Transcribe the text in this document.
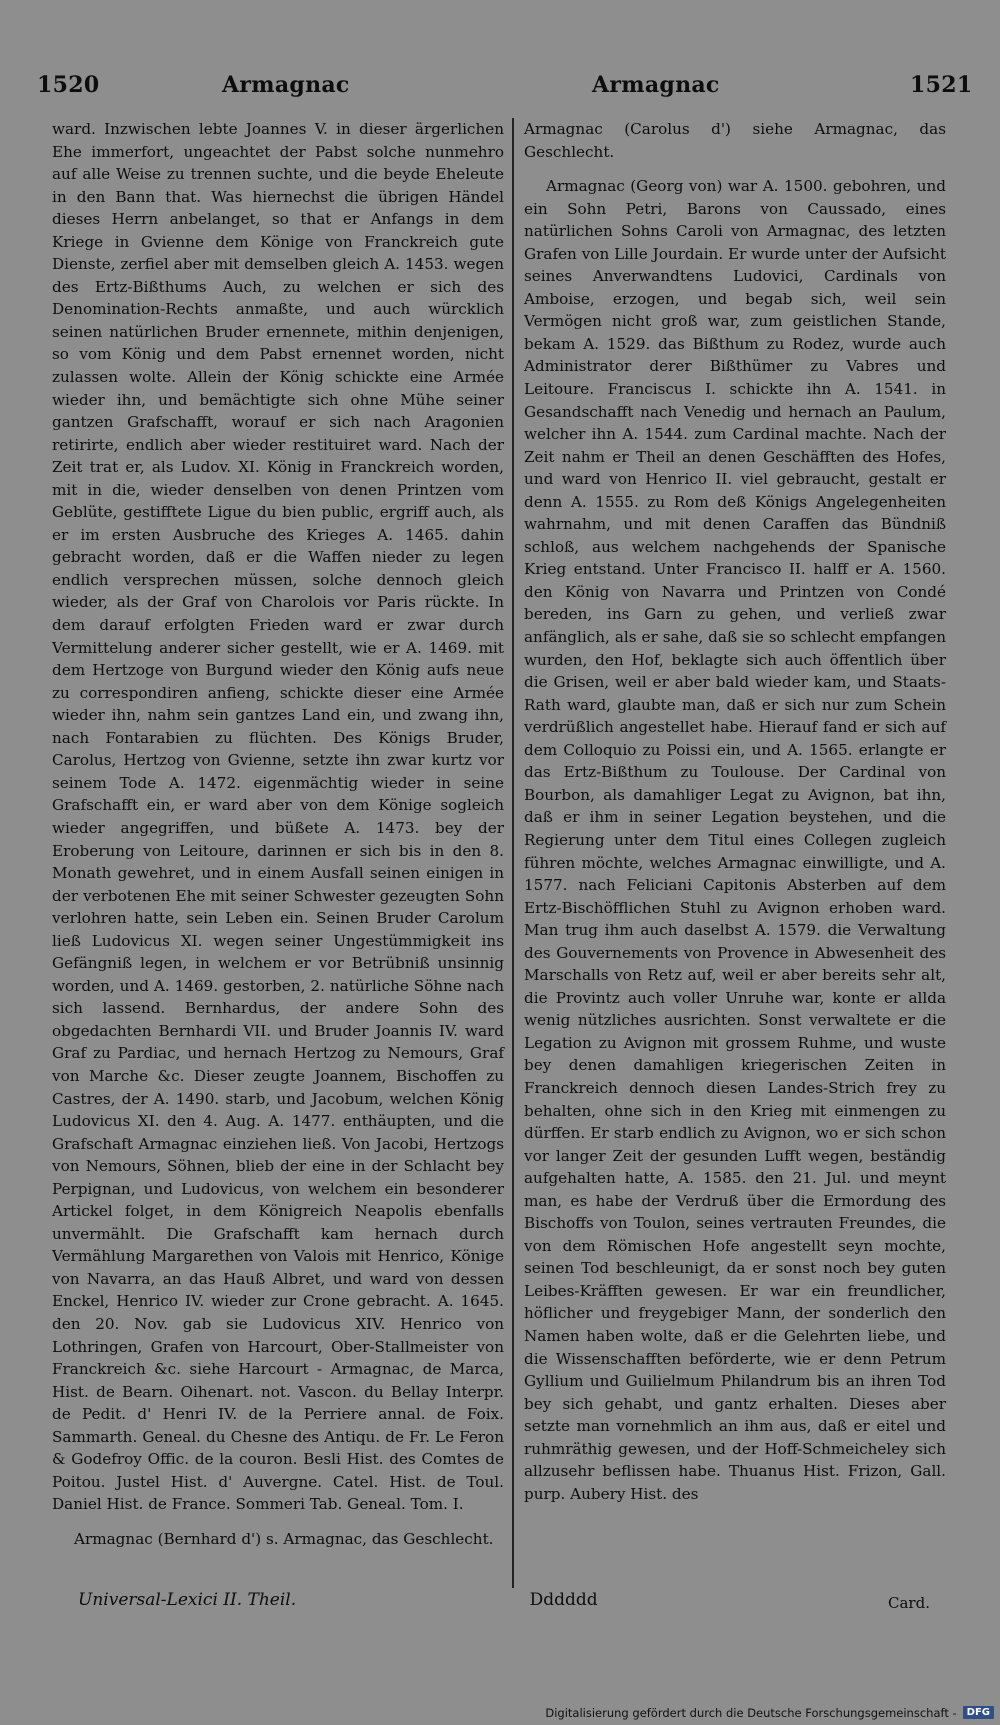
1520	Armagnac	Armagnac	1521

ward. Inzwischen lebte Joannes V. in dieser ärgerlichen Ehe immerfort, ungeachtet der Pabst solche nunmehro auf alle Weise zu trennen suchte, und die beyde Eheleute in den Bann that. Was hiernechst die übrigen Händel dieses Herrn anbelanget, so that er Anfangs in dem Kriege in Gvienne dem Könige von Franckreich gute Dienste, zerfiel aber mit demselben gleich A. 1453. wegen des Ertz-Bißthums Auch, zu welchen er sich des Denomination-Rechts anmaßte, und auch würcklich seinen natürlichen Bruder ernennete, mithin denjenigen, so vom König und dem Pabst ernennet worden, nicht zulassen wolte. Allein der König schickte eine Armée wieder ihn, und bemächtigte sich ohne Mühe seiner gantzen Grafschafft, worauf er sich nach Aragonien retirirte, endlich aber wieder restituiret ward. Nach der Zeit trat er, als Ludov. XI. König in Franckreich worden, mit in die, wieder denselben von denen Printzen vom Geblüte, gestifftete Ligue du bien public, ergriff auch, als er im ersten Ausbruche des Krieges A. 1465. dahin gebracht worden, daß er die Waffen nieder zu legen endlich versprechen müssen, solche dennoch gleich wieder, als der Graf von Charolois vor Paris rückte. In dem darauf erfolgten Frieden ward er zwar durch Vermittelung anderer sicher gestellt, wie er A. 1469. mit dem Hertzoge von Burgund wieder den König aufs neue zu correspondiren anfieng, schickte dieser eine Armée wieder ihn, nahm sein gantzes Land ein, und zwang ihn, nach Fontarabien zu flüchten. Des Königs Bruder, Carolus, Hertzog von Gvienne, setzte ihn zwar kurtz vor seinem Tode A. 1472. eigenmächtig wieder in seine Grafschafft ein, er ward aber von dem Könige sogleich wieder angegriffen, und büßete A. 1473. bey der Eroberung von Leitoure, darinnen er sich bis in den 8. Monath gewehret, und in einem Ausfall seinen einigen in der verbotenen Ehe mit seiner Schwester gezeugten Sohn verlohren hatte, sein Leben ein. Seinen Bruder Carolum ließ Ludovicus XI. wegen seiner Ungestümmigkeit ins Gefängniß legen, in welchem er vor Betrübniß unsinnig worden, und A. 1469. gestorben, 2. natürliche Söhne nach sich lassend. Bernhardus, der andere Sohn des obgedachten Bernhardi VII. und Bruder Joannis IV. ward Graf zu Pardiac, und hernach Hertzog zu Nemours, Graf von Marche &c. Dieser zeugte Joannem, Bischoffen zu Castres, der A. 1490. starb, und Jacobum, welchen König Ludovicus XI. den 4. Aug. A. 1477. enthäupten, und die Grafschaft Armagnac einziehen ließ. Von Jacobi, Hertzogs von Nemours, Söhnen, blieb der eine in der Schlacht bey Perpignan, und Ludovicus, von welchem ein besonderer Artickel folget, in dem Königreich Neapolis ebenfalls unvermählt. Die Grafschafft kam hernach durch Vermählung Margarethen von Valois mit Henrico, Könige von Navarra, an das Hauß Albret, und ward von dessen Enckel, Henrico IV. wieder zur Crone gebracht. A. 1645. den 20. Nov. gab sie Ludovicus XIV. Henrico von Lothringen, Grafen von Harcourt, Ober-Stallmeister von Franckreich &c. siehe Harcourt - Armagnac, de Marca, Hist. de Bearn. Oihenart. not. Vascon. du Bellay Interpr. de Pedit. d' Henri IV. de la Perriere annal. de Foix. Sammarth. Geneal. du Chesne des Antiqu. de Fr. Le Feron & Godefroy Offic. de la couron. Besli Hist. des Comtes de Poitou. Justel Hist. d' Auvergne. Catel. Hist. de Toul. Daniel Hist. de France. Sommeri Tab. Geneal. Tom. I.

Armagnac (Bernhard d') s. Armagnac, das Geschlecht.

Armagnac (Carolus d') siehe Armagnac, das Geschlecht.

Armagnac (Georg von) war A. 1500. gebohren, und ein Sohn Petri, Barons von Caussado, eines natürlichen Sohns Caroli von Armagnac, des letzten Grafen von Lille Jourdain. Er wurde unter der Aufsicht seines Anverwandtens Ludovici, Cardinals von Amboise, erzogen, und begab sich, weil sein Vermögen nicht groß war, zum geistlichen Stande, bekam A. 1529. das Bißthum zu Rodez, wurde auch Administrator derer Bißthümer zu Vabres und Leitoure. Franciscus I. schickte ihn A. 1541. in Gesandschafft nach Venedig und hernach an Paulum, welcher ihn A. 1544. zum Cardinal machte. Nach der Zeit nahm er Theil an denen Geschäfften des Hofes, und ward von Henrico II. viel gebraucht, gestalt er denn A. 1555. zu Rom deß Königs Angelegenheiten wahrnahm, und mit denen Caraffen das Bündniß schloß, aus welchem nachgehends der Spanische Krieg entstand. Unter Francisco II. halff er A. 1560. den König von Navarra und Printzen von Condé bereden, ins Garn zu gehen, und verließ zwar anfänglich, als er sahe, daß sie so schlecht empfangen wurden, den Hof, beklagte sich auch öffentlich über die Grisen, weil er aber bald wieder kam, und Staats-Rath ward, glaubte man, daß er sich nur zum Schein verdrüßlich angestellet habe. Hierauf fand er sich auf dem Colloquio zu Poissi ein, und A. 1565. erlangte er das Ertz-Bißthum zu Toulouse. Der Cardinal von Bourbon, als damahliger Legat zu Avignon, bat ihn, daß er ihm in seiner Legation beystehen, und die Regierung unter dem Titul eines Collegen zugleich führen möchte, welches Armagnac einwilligte, und A. 1577. nach Feliciani Capitonis Absterben auf dem Ertz-Bischöfflichen Stuhl zu Avignon erhoben ward. Man trug ihm auch daselbst A. 1579. die Verwaltung des Gouvernements von Provence in Abwesenheit des Marschalls von Retz auf, weil er aber bereits sehr alt, die Provintz auch voller Unruhe war, konte er allda wenig nützliches ausrichten. Sonst verwaltete er die Legation zu Avignon mit grossem Ruhme, und wuste bey denen damahligen kriegerischen Zeiten in Franckreich dennoch diesen Landes-Strich frey zu behalten, ohne sich in den Krieg mit einmengen zu dürffen. Er starb endlich zu Avignon, wo er sich schon vor langer Zeit der gesunden Lufft wegen, beständig aufgehalten hatte, A. 1585. den 21. Jul. und meynt man, es habe der Verdruß über die Ermordung des Bischoffs von Toulon, seines vertrauten Freundes, die von dem Römischen Hofe angestellt seyn mochte, seinen Tod beschleunigt, da er sonst noch bey guten Leibes-Kräfften gewesen. Er war ein freundlicher, höflicher und freygebiger Mann, der sonderlich den Namen haben wolte, daß er die Gelehrten liebe, und die Wissenschafften beförderte, wie er denn Petrum Gyllium und Guilielmum Philandrum bis an ihren Tod bey sich gehabt, und gantz erhalten. Dieses aber setzte man vornehmlich an ihm aus, daß er eitel und ruhmräthig gewesen, und der Hoff-Schmeicheley sich allzusehr beflissen habe. Thuanus Hist. Frizon, Gall. purp. Aubery Hist. des

Universal-Lexici II. Theil.	Dddddd	Card.
Digitalisierung gefördert durch die Deutsche Forschungsgemeinschaft -	DFG
